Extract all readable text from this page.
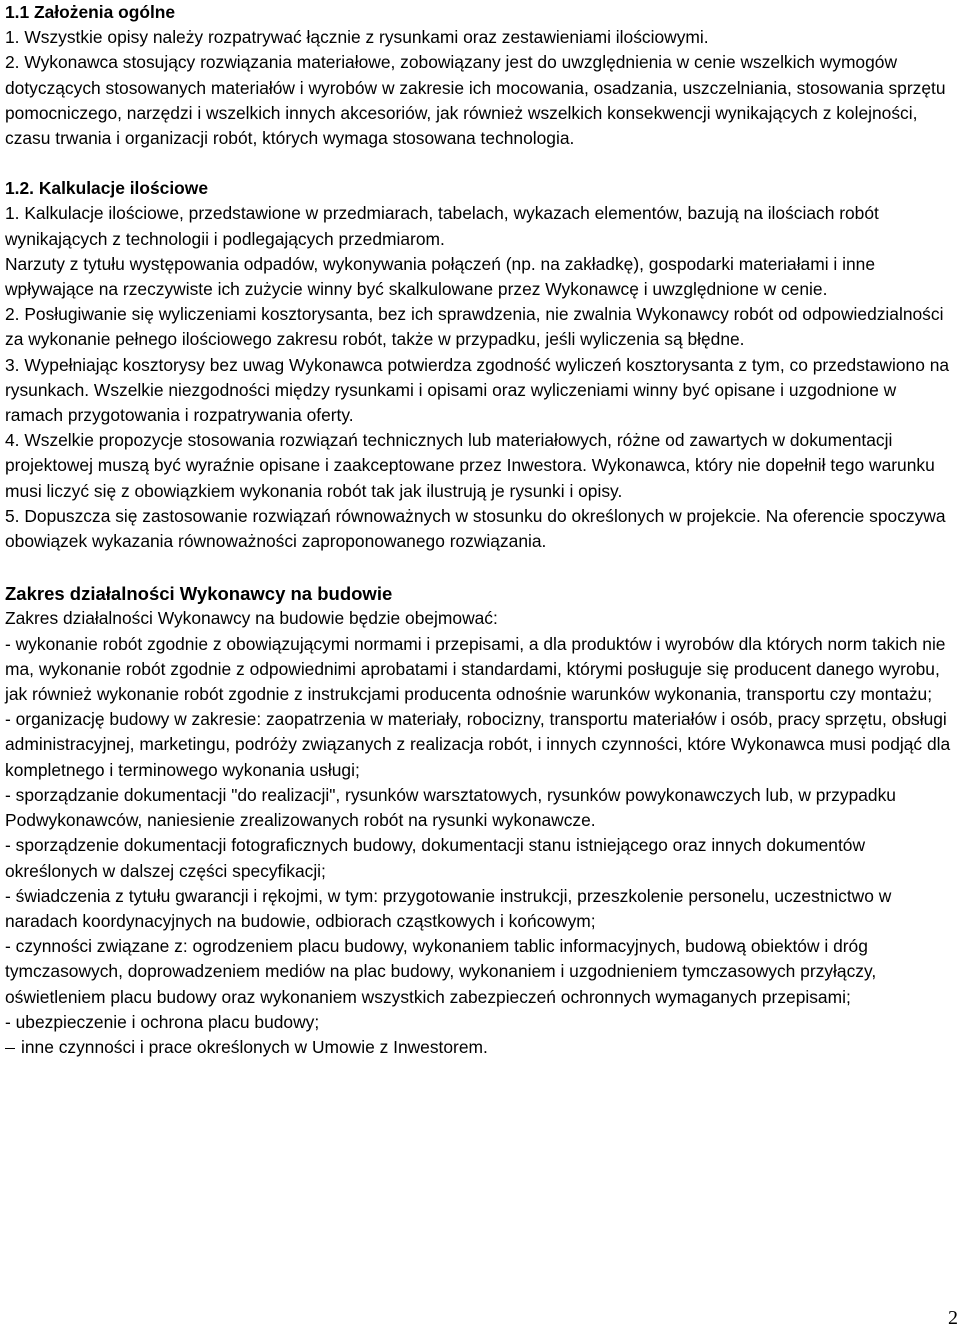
1.1 Założenia ogólne

1. Wszystkie opisy należy rozpatrywać łącznie z rysunkami oraz zestawieniami ilościowymi.

2. Wykonawca stosujący rozwiązania materiałowe, zobowiązany jest do uwzględnienia w cenie wszelkich wymogów dotyczących stosowanych materiałów i wyrobów w zakresie ich mocowania, osadzania, uszczelniania, stosowania sprzętu pomocniczego, narzędzi i wszelkich innych akcesoriów, jak również wszelkich konsekwencji wynikających z kolejności, czasu trwania i organizacji robót, których wymaga stosowana technologia.

1.2. Kalkulacje ilościowe

1. Kalkulacje ilościowe, przedstawione w przedmiarach, tabelach, wykazach elementów, bazują na ilościach robót wynikających z technologii i podlegających przedmiarom.

Narzuty z tytułu występowania odpadów, wykonywania połączeń (np. na zakładkę), gospodarki materiałami i inne wpływające na rzeczywiste ich zużycie winny być skalkulowane przez Wykonawcę i uwzględnione w cenie.

2. Posługiwanie się wyliczeniami kosztorysanta, bez ich sprawdzenia, nie zwalnia Wykonawcy robót od odpowiedzialności za wykonanie pełnego ilościowego zakresu robót, także w przypadku, jeśli wyliczenia są błędne.

3. Wypełniając kosztorysy bez uwag Wykonawca potwierdza zgodność wyliczeń kosztorysanta z tym, co przedstawiono na rysunkach. Wszelkie niezgodności między rysunkami i opisami oraz wyliczeniami winny być opisane i uzgodnione w ramach przygotowania i rozpatrywania oferty.

4. Wszelkie propozycje stosowania rozwiązań technicznych lub materiałowych, różne od zawartych w dokumentacji projektowej muszą być wyraźnie opisane i zaakceptowane przez Inwestora. Wykonawca, który nie dopełnił tego warunku musi liczyć się z obowiązkiem wykonania robót tak jak ilustrują je rysunki i opisy.

5. Dopuszcza się zastosowanie rozwiązań równoważnych w stosunku do określonych w projekcie. Na oferencie spoczywa obowiązek wykazania równoważności zaproponowanego rozwiązania.

Zakres działalności Wykonawcy na budowie

Zakres działalności Wykonawcy na budowie będzie obejmować:

- wykonanie robót zgodnie z obowiązującymi normami i przepisami, a dla produktów i wyrobów dla których norm takich nie ma, wykonanie robót zgodnie z odpowiednimi aprobatami i standardami, którymi posługuje się producent danego wyrobu, jak również wykonanie robót zgodnie z instrukcjami producenta odnośnie warunków wykonania, transportu czy montażu;

- organizację budowy w zakresie: zaopatrzenia w materiały, robocizny, transportu materiałów i osób, pracy sprzętu, obsługi administracyjnej, marketingu, podróży związanych z realizacja robót, i innych czynności, które Wykonawca musi podjąć dla kompletnego i terminowego wykonania usługi;

- sporządzanie dokumentacji "do realizacji", rysunków warsztatowych, rysunków powykonawczych lub, w przypadku Podwykonawców, naniesienie zrealizowanych robót na rysunki wykonawcze.

- sporządzenie dokumentacji fotograficznych budowy, dokumentacji stanu istniejącego oraz innych dokumentów określonych w dalszej części specyfikacji;

- świadczenia z tytułu gwarancji i rękojmi, w tym: przygotowanie instrukcji, przeszkolenie personelu, uczestnictwo w naradach koordynacyjnych na budowie, odbiorach cząstkowych i końcowym;

- czynności związane z: ogrodzeniem placu budowy, wykonaniem tablic informacyjnych, budową obiektów i dróg tymczasowych, doprowadzeniem mediów na plac budowy, wykonaniem i uzgodnieniem tymczasowych przyłączy, oświetleniem placu budowy oraz wykonaniem wszystkich zabezpieczeń ochronnych wymaganych przepisami;

- ubezpieczenie i ochrona placu budowy;

inne czynności i prace określonych w Umowie z Inwestorem.

2
